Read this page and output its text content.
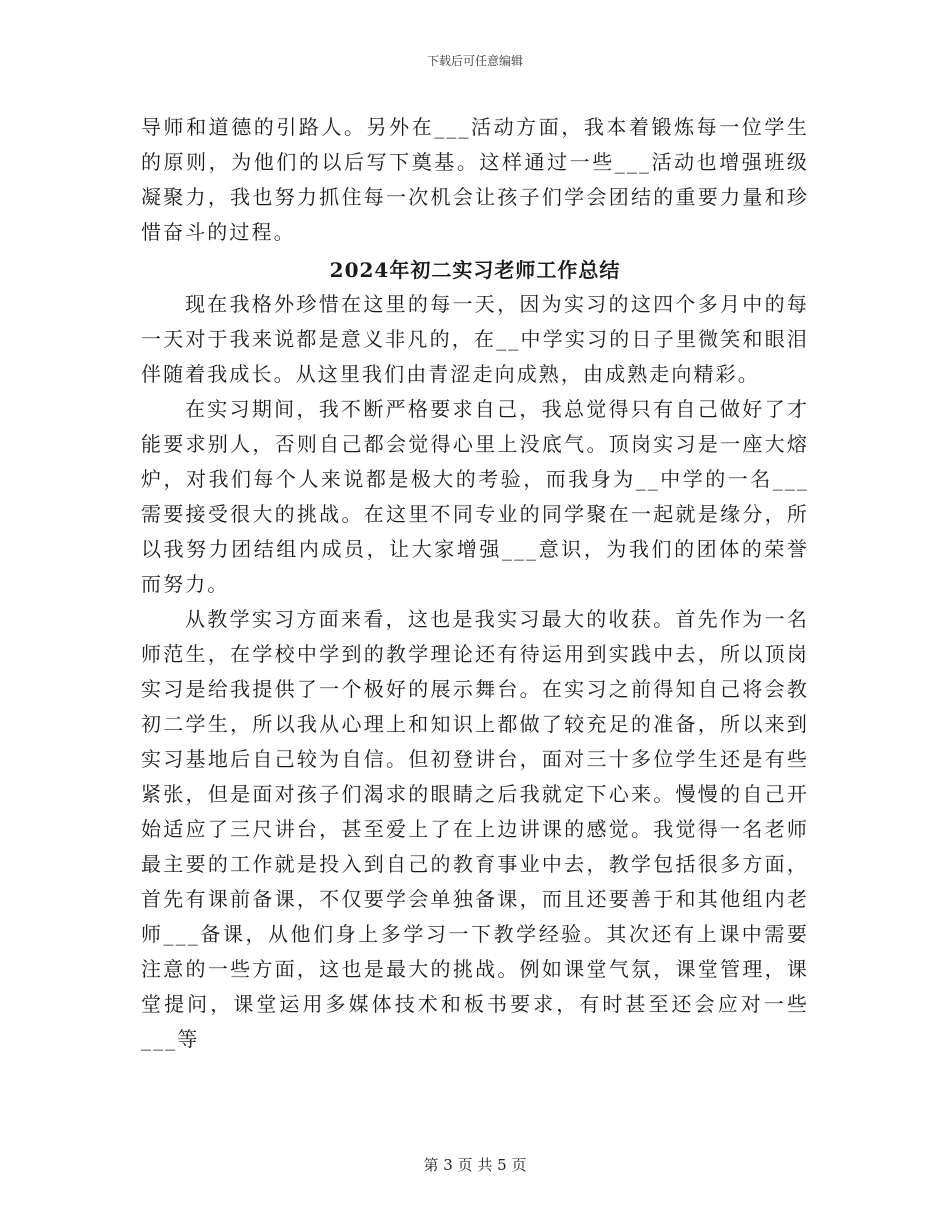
下载后可任意编辑

导师和道德的引路人。另外在___活动方面，我本着锻炼每一位学生的原则，为他们的以后写下奠基。这样通过一些___活动也增强班级凝聚力，我也努力抓住每一次机会让孩子们学会团结的重要力量和珍惜奋斗的过程。

2024年初二实习老师工作总结

现在我格外珍惜在这里的每一天，因为实习的这四个多月中的每一天对于我来说都是意义非凡的，在__中学实习的日子里微笑和眼泪伴随着我成长。从这里我们由青涩走向成熟，由成熟走向精彩。

在实习期间，我不断严格要求自己，我总觉得只有自己做好了才能要求别人，否则自己都会觉得心里上没底气。顶岗实习是一座大熔炉，对我们每个人来说都是极大的考验，而我身为__中学的一名___需要接受很大的挑战。在这里不同专业的同学聚在一起就是缘分，所以我努力团结组内成员，让大家增强___意识，为我们的团体的荣誉而努力。

从教学实习方面来看，这也是我实习最大的收获。首先作为一名师范生，在学校中学到的教学理论还有待运用到实践中去，所以顶岗实习是给我提供了一个极好的展示舞台。在实习之前得知自己将会教初二学生，所以我从心理上和知识上都做了较充足的准备，所以来到实习基地后自己较为自信。但初登讲台，面对三十多位学生还是有些紧张，但是面对孩子们渴求的眼睛之后我就定下心来。慢慢的自己开始适应了三尺讲台，甚至爱上了在上边讲课的感觉。我觉得一名老师最主要的工作就是投入到自己的教育事业中去，教学包括很多方面，首先有课前备课，不仅要学会单独备课，而且还要善于和其他组内老师___备课，从他们身上多学习一下教学经验。其次还有上课中需要注意的一些方面，这也是最大的挑战。例如课堂气氛，课堂管理，课堂提问，课堂运用多媒体技术和板书要求，有时甚至还会应对一些___等

第 3 页 共 5 页
